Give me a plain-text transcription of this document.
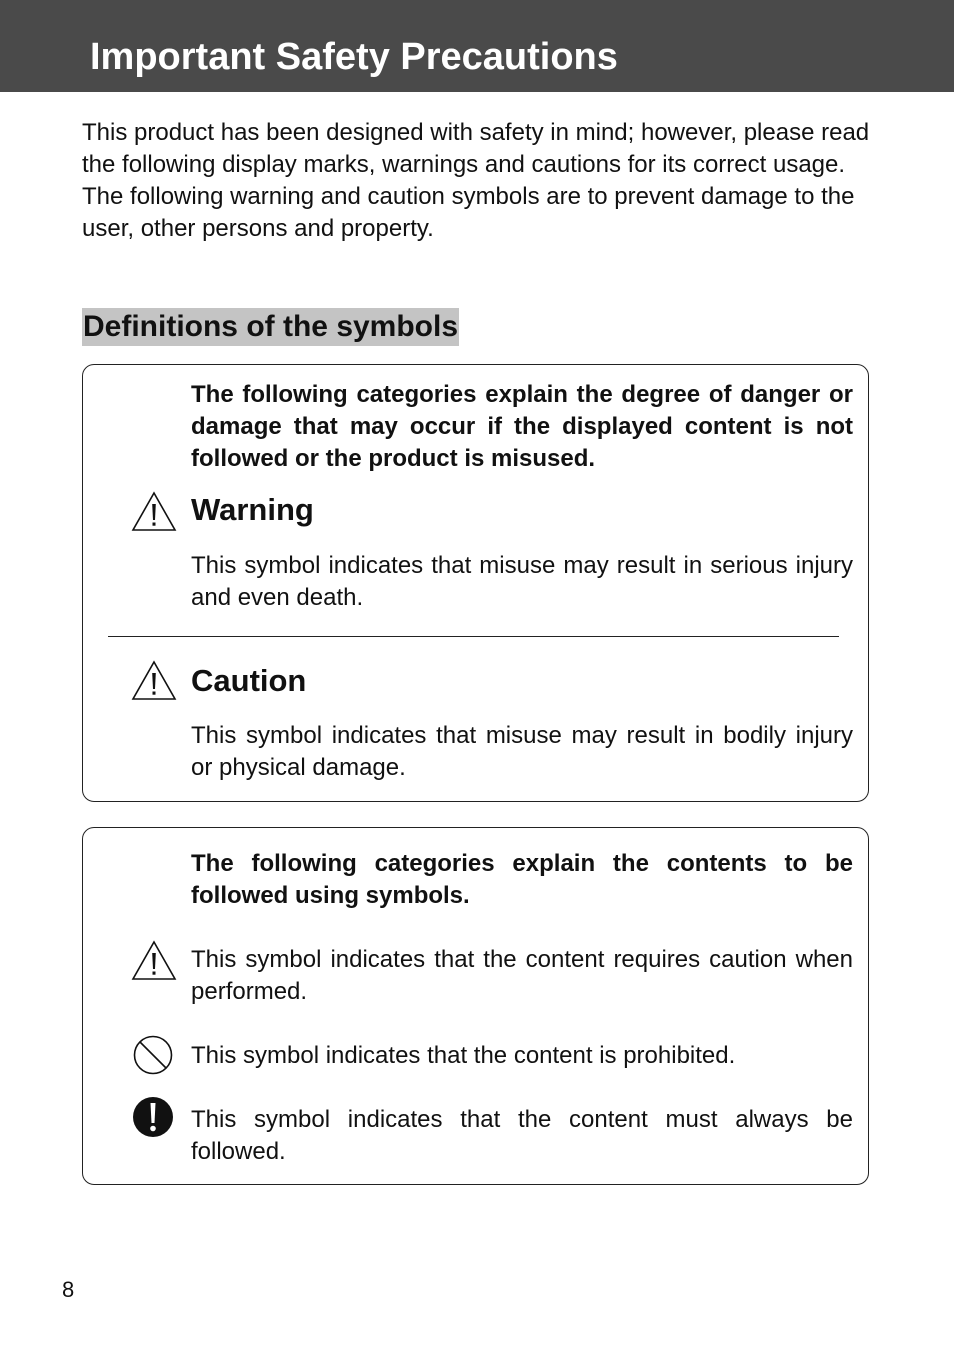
Important Safety Precautions

This product has been designed with safety in mind; however, please read the following display marks, warnings and cautions for its correct usage.

The following warning and caution symbols are to prevent damage to the user, other persons and property.

Definitions of the symbols
The following categories explain the degree of danger or damage that may occur if the displayed content is not followed or the product is misused.
Warning
This symbol indicates that misuse may result in serious injury and even death.
Caution
This symbol indicates that misuse may result in bodily injury or physical damage.
The following categories explain the contents to be followed using symbols.
This symbol indicates that the content requires caution when performed.
This symbol indicates that the content is prohibited.
This symbol indicates that the content must always be followed.
8
